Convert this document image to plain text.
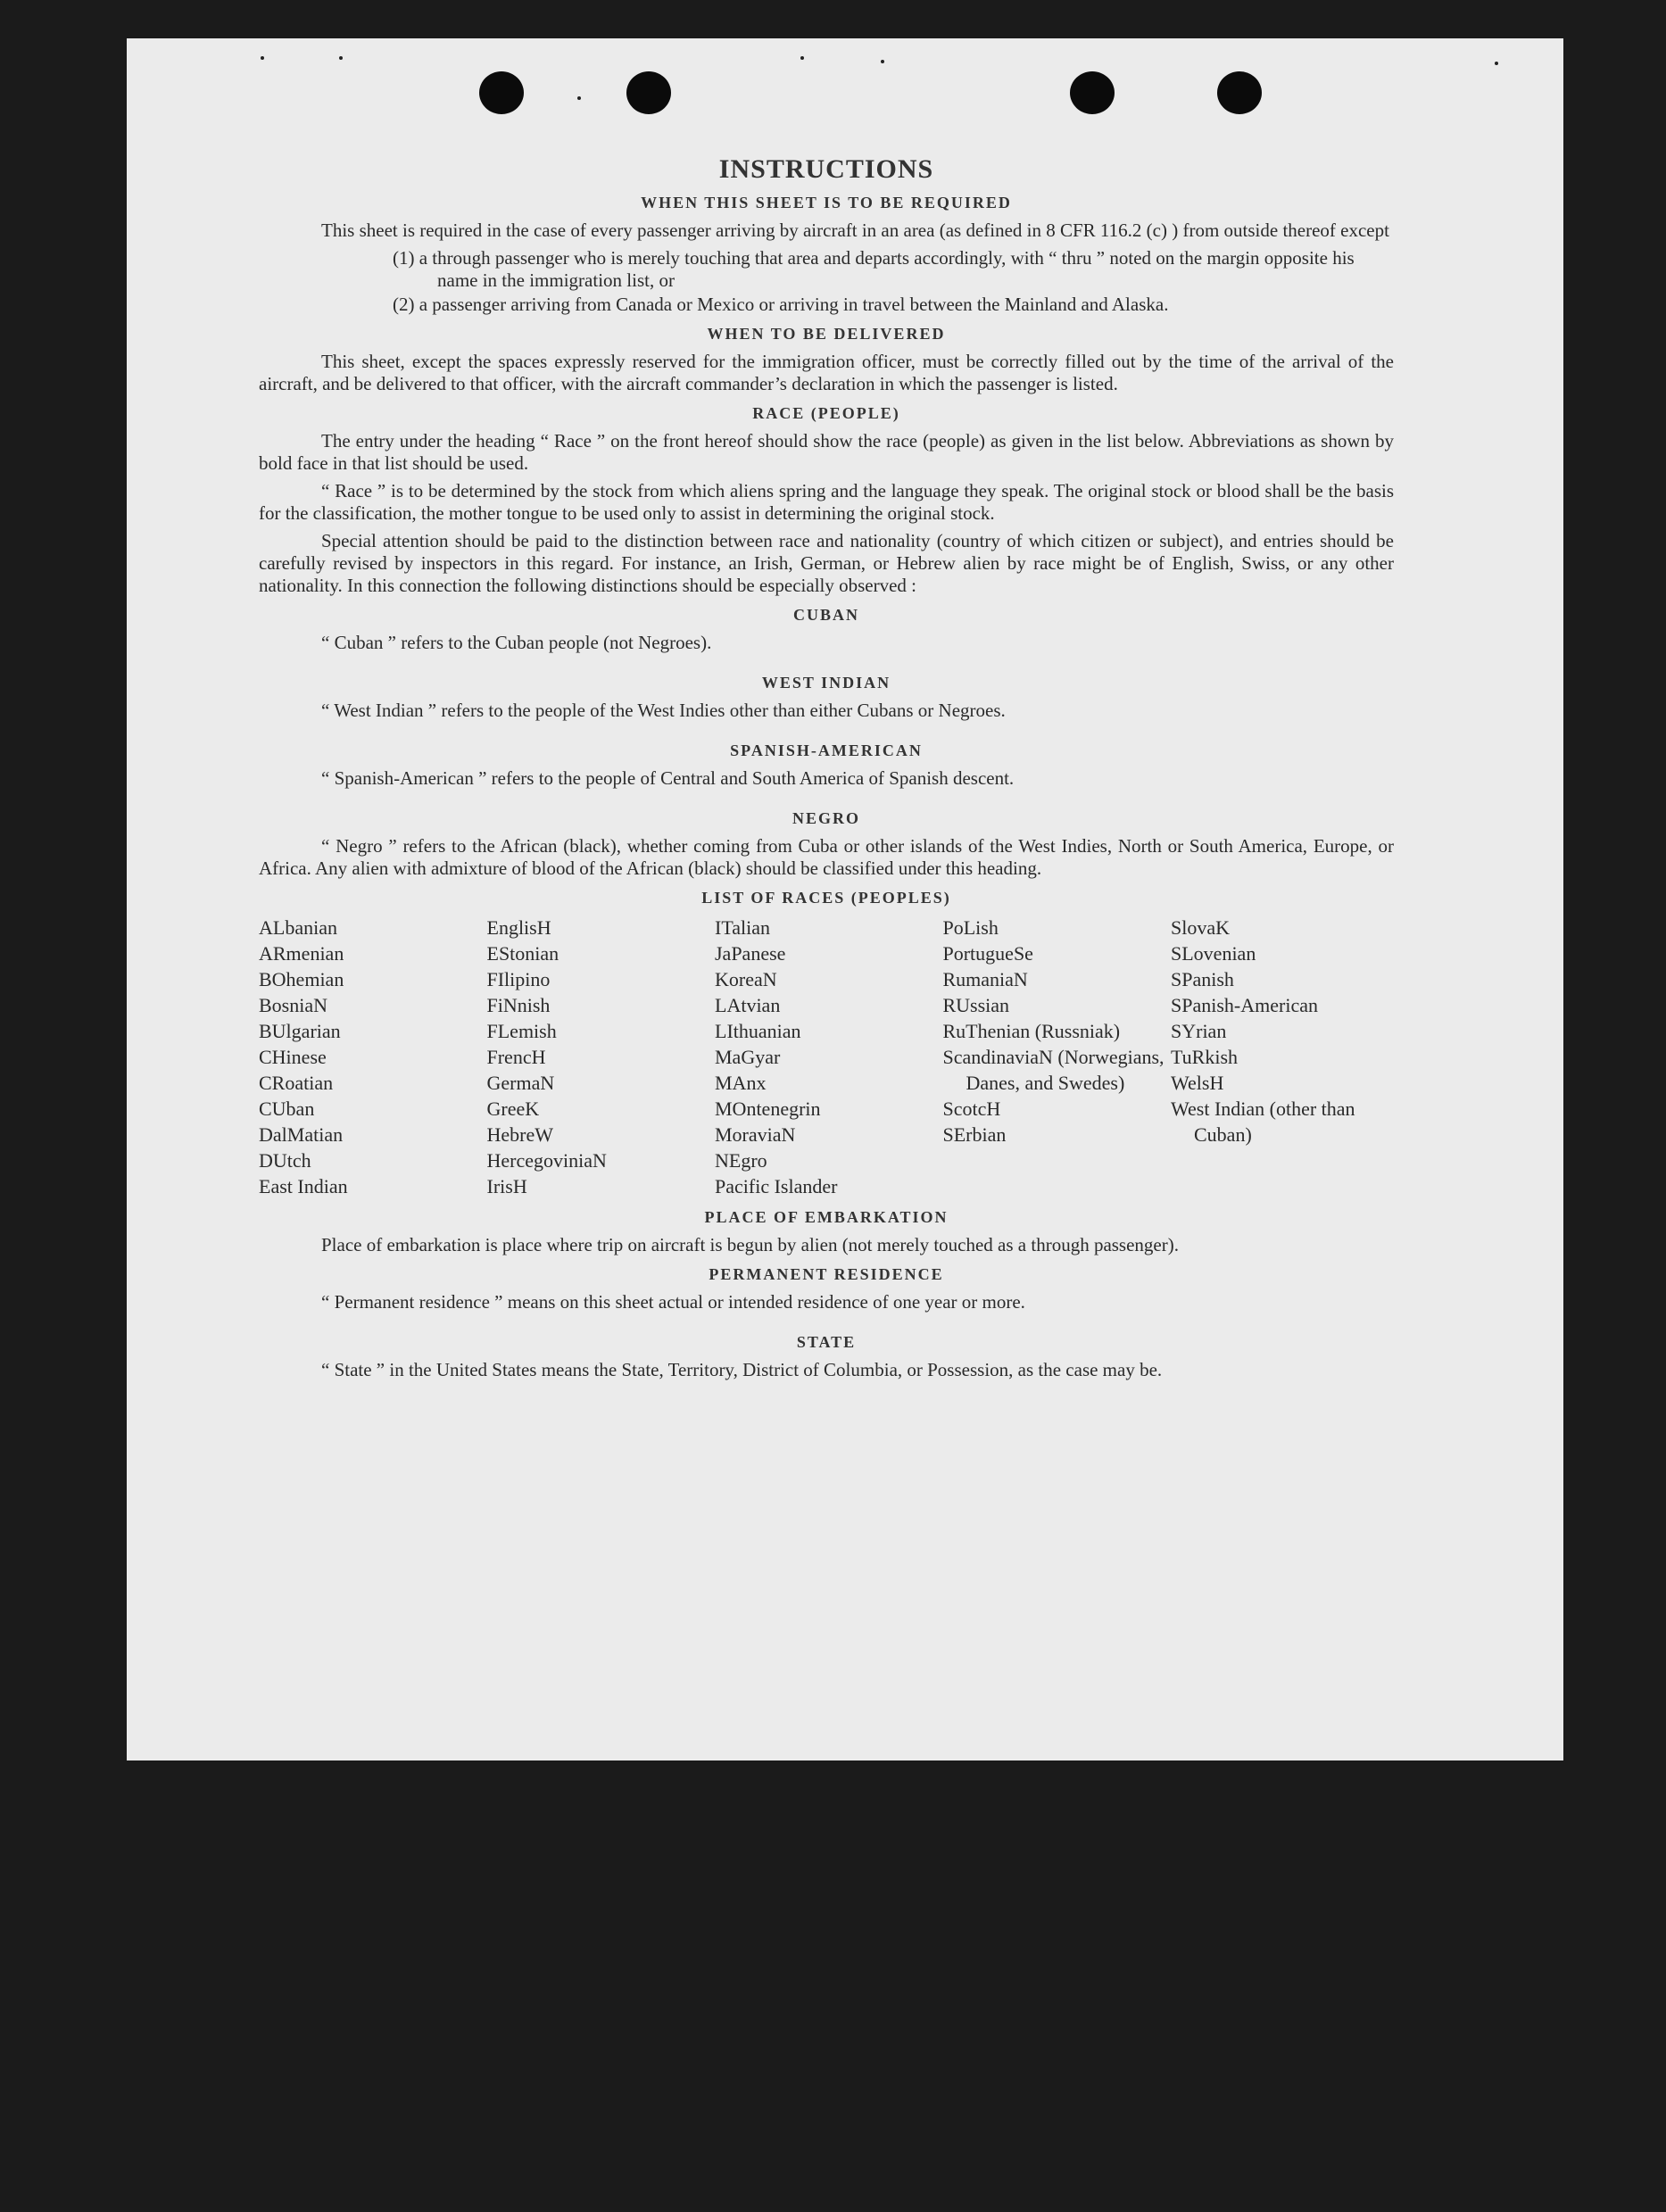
INSTRUCTIONS
WHEN THIS SHEET IS TO BE REQUIRED

This sheet is required in the case of every passenger arriving by aircraft in an area (as defined in 8 CFR 116.2 (c) ) from outside thereof except

(1) a through passenger who is merely touching that area and departs accordingly, with “ thru ” noted on the margin opposite his name in the immigration list, or

(2) a passenger arriving from Canada or Mexico or arriving in travel between the Mainland and Alaska.

WHEN TO BE DELIVERED

This sheet, except the spaces expressly reserved for the immigration officer, must be correctly filled out by the time of the arrival of the aircraft, and be delivered to that officer, with the aircraft commander’s declaration in which the passenger is listed.

RACE (PEOPLE)

The entry under the heading “ Race ” on the front hereof should show the race (people) as given in the list below. Abbreviations as shown by bold face in that list should be used.

“ Race ” is to be determined by the stock from which aliens spring and the language they speak. The original stock or blood shall be the basis for the classification, the mother tongue to be used only to assist in determining the original stock.

Special attention should be paid to the distinction between race and nationality (country of which citizen or subject), and entries should be carefully revised by inspectors in this regard. For instance, an Irish, German, or Hebrew alien by race might be of English, Swiss, or any other nationality. In this connection the following distinctions should be especially observed :

CUBAN

“ Cuban ” refers to the Cuban people (not Negroes).

WEST INDIAN

“ West Indian ” refers to the people of the West Indies other than either Cubans or Negroes.

SPANISH-AMERICAN

“ Spanish-American ” refers to the people of Central and South America of Spanish descent.

NEGRO

“ Negro ” refers to the African (black), whether coming from Cuba or other islands of the West Indies, North or South America, Europe, or Africa. Any alien with admixture of blood of the African (black) should be classified under this heading.

LIST OF RACES (PEOPLES)

ALbanian

ARmenian

BOhemian

BosniaN

BUlgarian

CHinese

CRoatian

CUban

DalMatian

DUtch

East Indian

EnglisH

EStonian

FIlipino

FiNnish

FLemish

FrencH

GermaN

GreeK

HebreW

HercegoviniaN

IrisH

ITalian

JaPanese

KoreaN

LAtvian

LIthuanian

MaGyar

MAnx

MOntenegrin

MoraviaN

NEgro

Pacific Islander

PoLish

PortugueSe

RumaniaN

RUssian

RuThenian (Russniak)

ScandinaviaN (Norwegians, Danes, and Swedes)

ScotcH

SErbian

SlovaK

SLovenian

SPanish

SPanish-American

SYrian

TuRkish

WelsH

West Indian (other than Cuban)

PLACE OF EMBARKATION

Place of embarkation is place where trip on aircraft is begun by alien (not merely touched as a through passenger).

PERMANENT RESIDENCE

“ Permanent residence ” means on this sheet actual or intended residence of one year or more.

STATE

“ State ” in the United States means the State, Territory, District of Columbia, or Possession, as the case may be.
